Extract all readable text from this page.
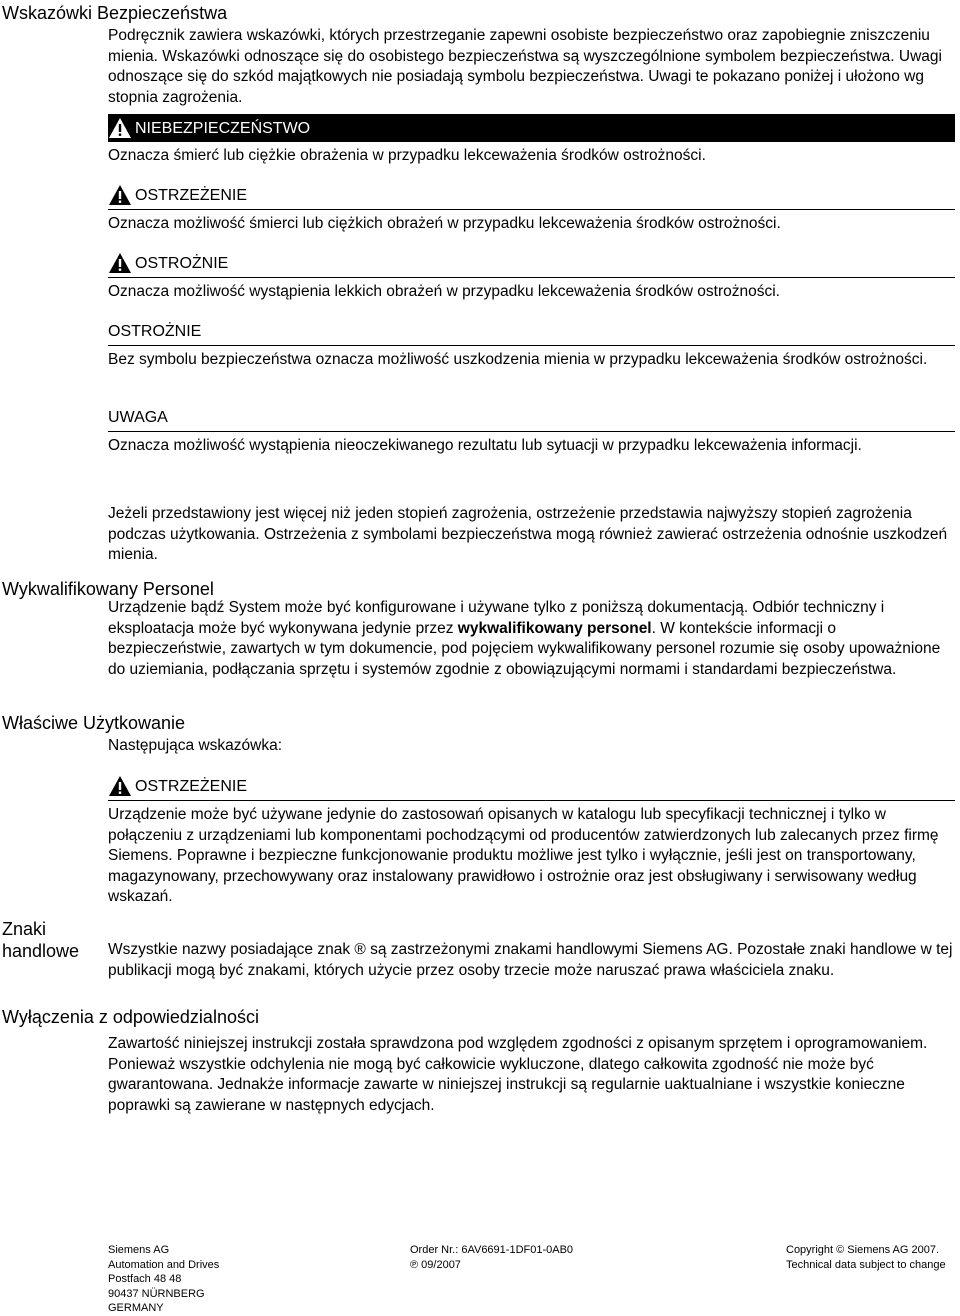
Wskazówki Bezpieczeństwa
Podręcznik zawiera wskazówki, których przestrzeganie zapewni osobiste bezpieczeństwo oraz zapobiegnie zniszczeniu mienia. Wskazówki odnoszące się do osobistego bezpieczeństwa są wyszczególnione symbolem bezpieczeństwa. Uwagi odnoszące się do szkód majątkowych nie posiadają symbolu bezpieczeństwa. Uwagi te pokazano poniżej i ułożono wg stopnia zagrożenia.
NIEBEZPIECZEŃSTWO
Oznacza śmierć lub ciężkie obrażenia w przypadku lekceważenia środków ostrożności.
OSTRZEŻENIE
Oznacza możliwość śmierci lub ciężkich obrażeń w przypadku lekceważenia środków ostrożności.
OSTROŻNIE
Oznacza możliwość wystąpienia lekkich obrażeń w przypadku lekceważenia środków ostrożności.
OSTROŻNIE
Bez symbolu bezpieczeństwa oznacza możliwość uszkodzenia mienia w przypadku lekceważenia środków ostrożności.
UWAGA
Oznacza możliwość wystąpienia nieoczekiwanego rezultatu lub sytuacji w przypadku lekceważenia informacji.
Jeżeli przedstawiony jest więcej niż jeden stopień zagrożenia, ostrzeżenie przedstawia najwyższy stopień zagrożenia podczas użytkowania. Ostrzeżenia z symbolami bezpieczeństwa mogą również zawierać ostrzeżenia odnośnie uszkodzeń mienia.
Wykwalifikowany Personel
Urządzenie bądź System może być konfigurowane i używane tylko z poniższą dokumentacją. Odbiór techniczny i eksploatacja może być wykonywana jedynie przez wykwalifikowany personel. W kontekście informacji o bezpieczeństwie, zawartych w tym dokumencie, pod pojęciem wykwalifikowany personel rozumie się osoby upoważnione do uziemiania, podłączania sprzętu i systemów zgodnie z obowiązującymi normami i standardami bezpieczeństwa.
Właściwe Użytkowanie
Następująca wskazówka:
OSTRZEŻENIE
Urządzenie może być używane jedynie do zastosowań opisanych w katalogu lub specyfikacji technicznej i tylko w połączeniu z urządzeniami lub komponentami pochodzącymi od producentów zatwierdzonych lub zalecanych przez firmę Siemens. Poprawne i bezpieczne funkcjonowanie produktu możliwe jest tylko i wyłącznie, jeśli jest on transportowany, magazynowany, przechowywany oraz instalowany prawidłowo i ostrożnie oraz jest obsługiwany i serwisowany według wskazań.
Znaki
handlowe Wszystkie nazwy posiadające znak ® są zastrzeżonymi znakami handlowymi Siemens AG. Pozostałe znaki handlowe w tej publikacji mogą być znakami, których użycie przez osoby trzecie może naruszać prawa właściciela znaku.
Wyłączenia z odpowiedzialności
Zawartość niniejszej instrukcji została sprawdzona pod względem zgodności z opisanym sprzętem i oprogramowaniem. Ponieważ wszystkie odchylenia nie mogą być całkowicie wykluczone, dlatego całkowita zgodność nie może być gwarantowana. Jednakże informacje zawarte w niniejszej instrukcji są regularnie uaktualniane i wszystkie konieczne poprawki są zawierane w następnych edycjach.
Siemens AG
Automation and Drives
Postfach 48 48
90437 NÜRNBERG
GERMANY
Order Nr.: 6AV6691-1DF01-0AB0
℗ 09/2007
Copyright © Siemens AG 2007.
Technical data subject to change
